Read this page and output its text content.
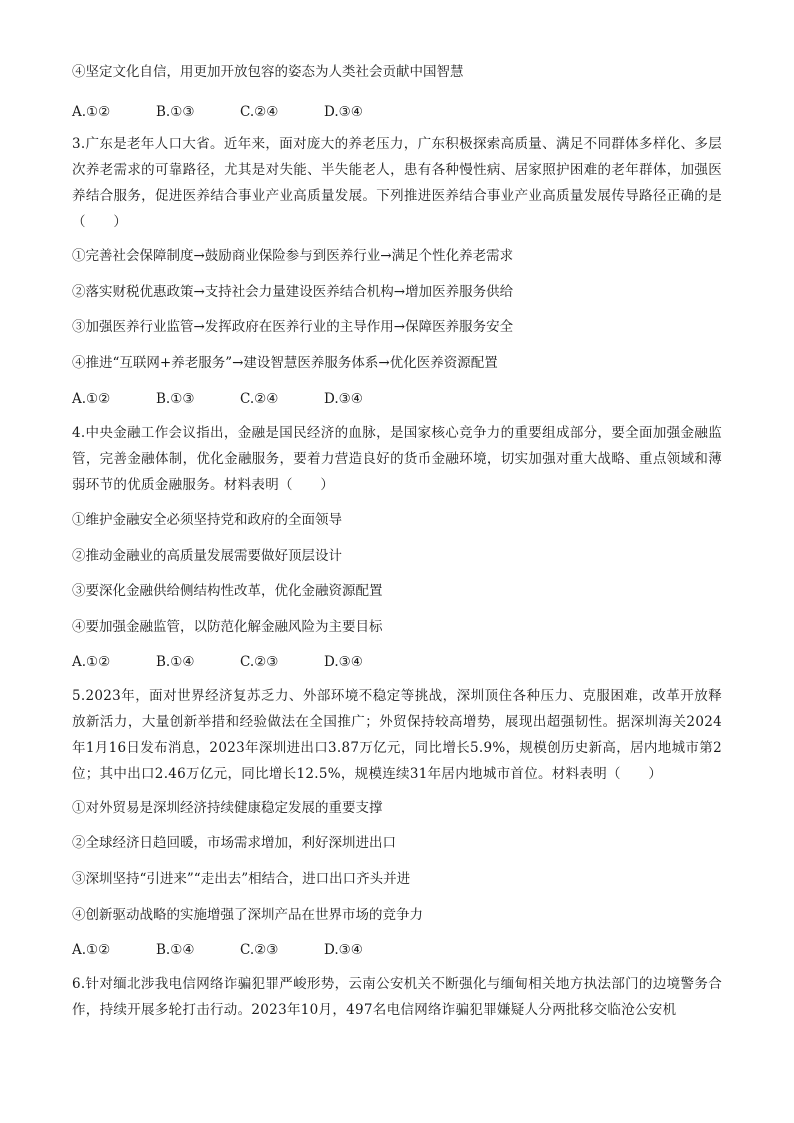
④坚定文化自信，用更加开放包容的姿态为人类社会贡献中国智慧
A.①②	B.①③	C.②④	D.③④
3.广东是老年人口大省。近年来，面对庞大的养老压力，广东积极探索高质量、满足不同群体多样化、多层次养老需求的可靠路径，尤其是对失能、半失能老人，患有各种慢性病、居家照护困难的老年群体，加强医养结合服务，促进医养结合事业产业高质量发展。下列推进医养结合事业产业高质量发展传导路径正确的是（　　）
①完善社会保障制度→鼓励商业保险参与到医养行业→满足个性化养老需求
②落实财税优惠政策→支持社会力量建设医养结合机构→增加医养服务供给
③加强医养行业监管→发挥政府在医养行业的主导作用→保障医养服务安全
④推进“互联网+养老服务”→建设智慧医养服务体系→优化医养资源配置
A.①②	B.①③	C.②④	D.③④
4.中央金融工作会议指出，金融是国民经济的血脉，是国家核心竞争力的重要组成部分，要全面加强金融监管，完善金融体制，优化金融服务，要着力营造良好的货币金融环境，切实加强对重大战略、重点领域和薄弱环节的优质金融服务。材料表明（　　）
①维护金融安全必须坚持党和政府的全面领导
②推动金融业的高质量发展需要做好顶层设计
③要深化金融供给侧结构性改革，优化金融资源配置
④要加强金融监管，以防范化解金融风险为主要目标
A.①②	B.①④	C.②③	D.③④
5.2023年，面对世界经济复苏乏力、外部环境不稳定等挑战，深圳顶住各种压力、克服困难，改革开放释放新活力，大量创新举措和经验做法在全国推广；外贸保持较高增势，展现出超强韧性。据深圳海关2024年1月16日发布消息，2023年深圳进出口3.87万亿元，同比增长5.9%，规模创历史新高，居内地城市第2位；其中出口2.46万亿元，同比增长12.5%，规模连续31年居内地城市首位。材料表明（　　）
①对外贸易是深圳经济持续健康稳定发展的重要支撑
②全球经济日趋回暖，市场需求增加，利好深圳进出口
③深圳坚持“引进来”“走出去”相结合，进口出口齐头并进
④创新驱动战略的实施增强了深圳产品在世界市场的竞争力
A.①②	B.①④	C.②③	D.③④
6.针对缅北涉我电信网络诈骗犯罪严峻形势，云南公安机关不断强化与缅甸相关地方执法部门的边境警务合作，持续开展多轮打击行动。2023年10月，497名电信网络诈骗犯罪嫌疑人分两批移交临沧公安机
